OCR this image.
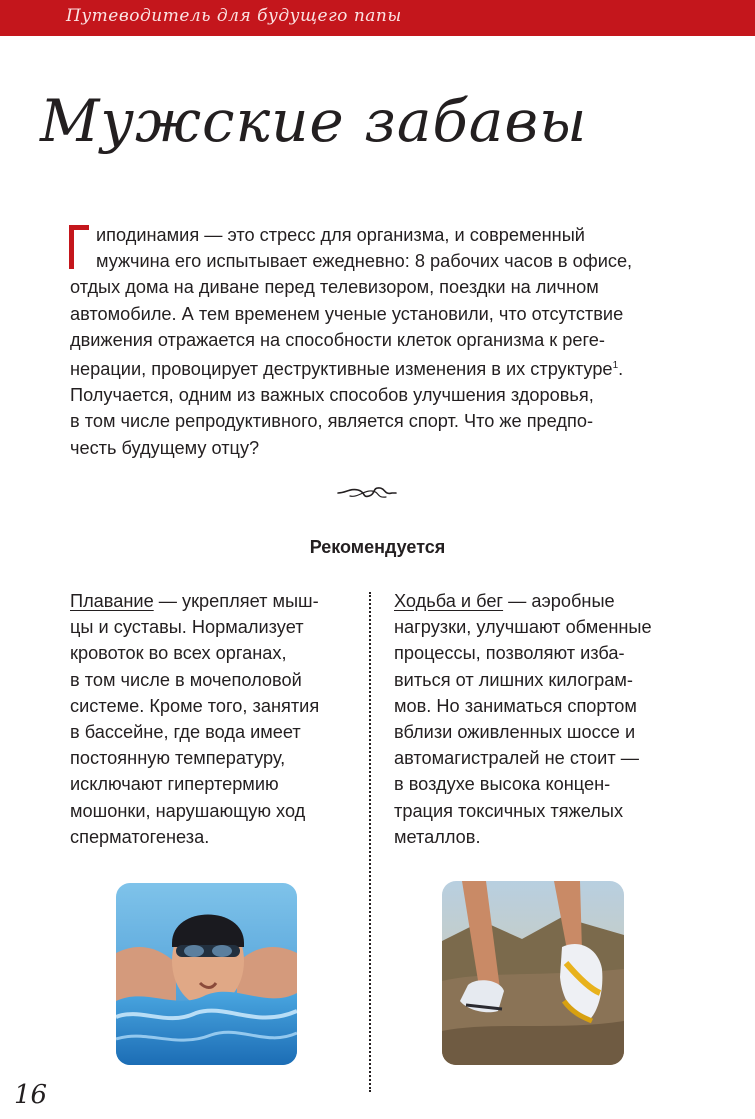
Путеводитель для будущего папы
Мужские забавы
иподинамия — это стресс для организма, и современный
мужчина его испытывает ежедневно: 8 рабочих часов в офисе,
отдых дома на диване перед телевизором, поездки на личном
автомобиле. А тем временем ученые установили, что отсутствие
движения отражается на способности клеток организма к реге-
нерации, провоцирует деструктивные изменения в их структуре$^1$.
Получается, одним из важных способов улучшения здоровья,
в том числе репродуктивного, является спорт. Что же предпо-
честь будущему отцу?
Рекомендуется
Плавание — укрепляет мыш-
цы и суставы. Нормализует
кровоток во всех органах,
в том числе в мочеполовой
системе. Кроме того, занятия
в бассейне, где вода имеет
постоянную температуру,
исключают гипертермию
мошонки, нарушающую ход
сперматогенеза.
Ходьба и бег — аэробные
нагрузки, улучшают обменные
процессы, позволяют изба-
виться от лишних килограм-
мов. Но заниматься спортом
вблизи оживленных шоссе и
автомагистралей не стоит —
в воздухе высока концен-
трация токсичных тяжелых
металлов.
16
